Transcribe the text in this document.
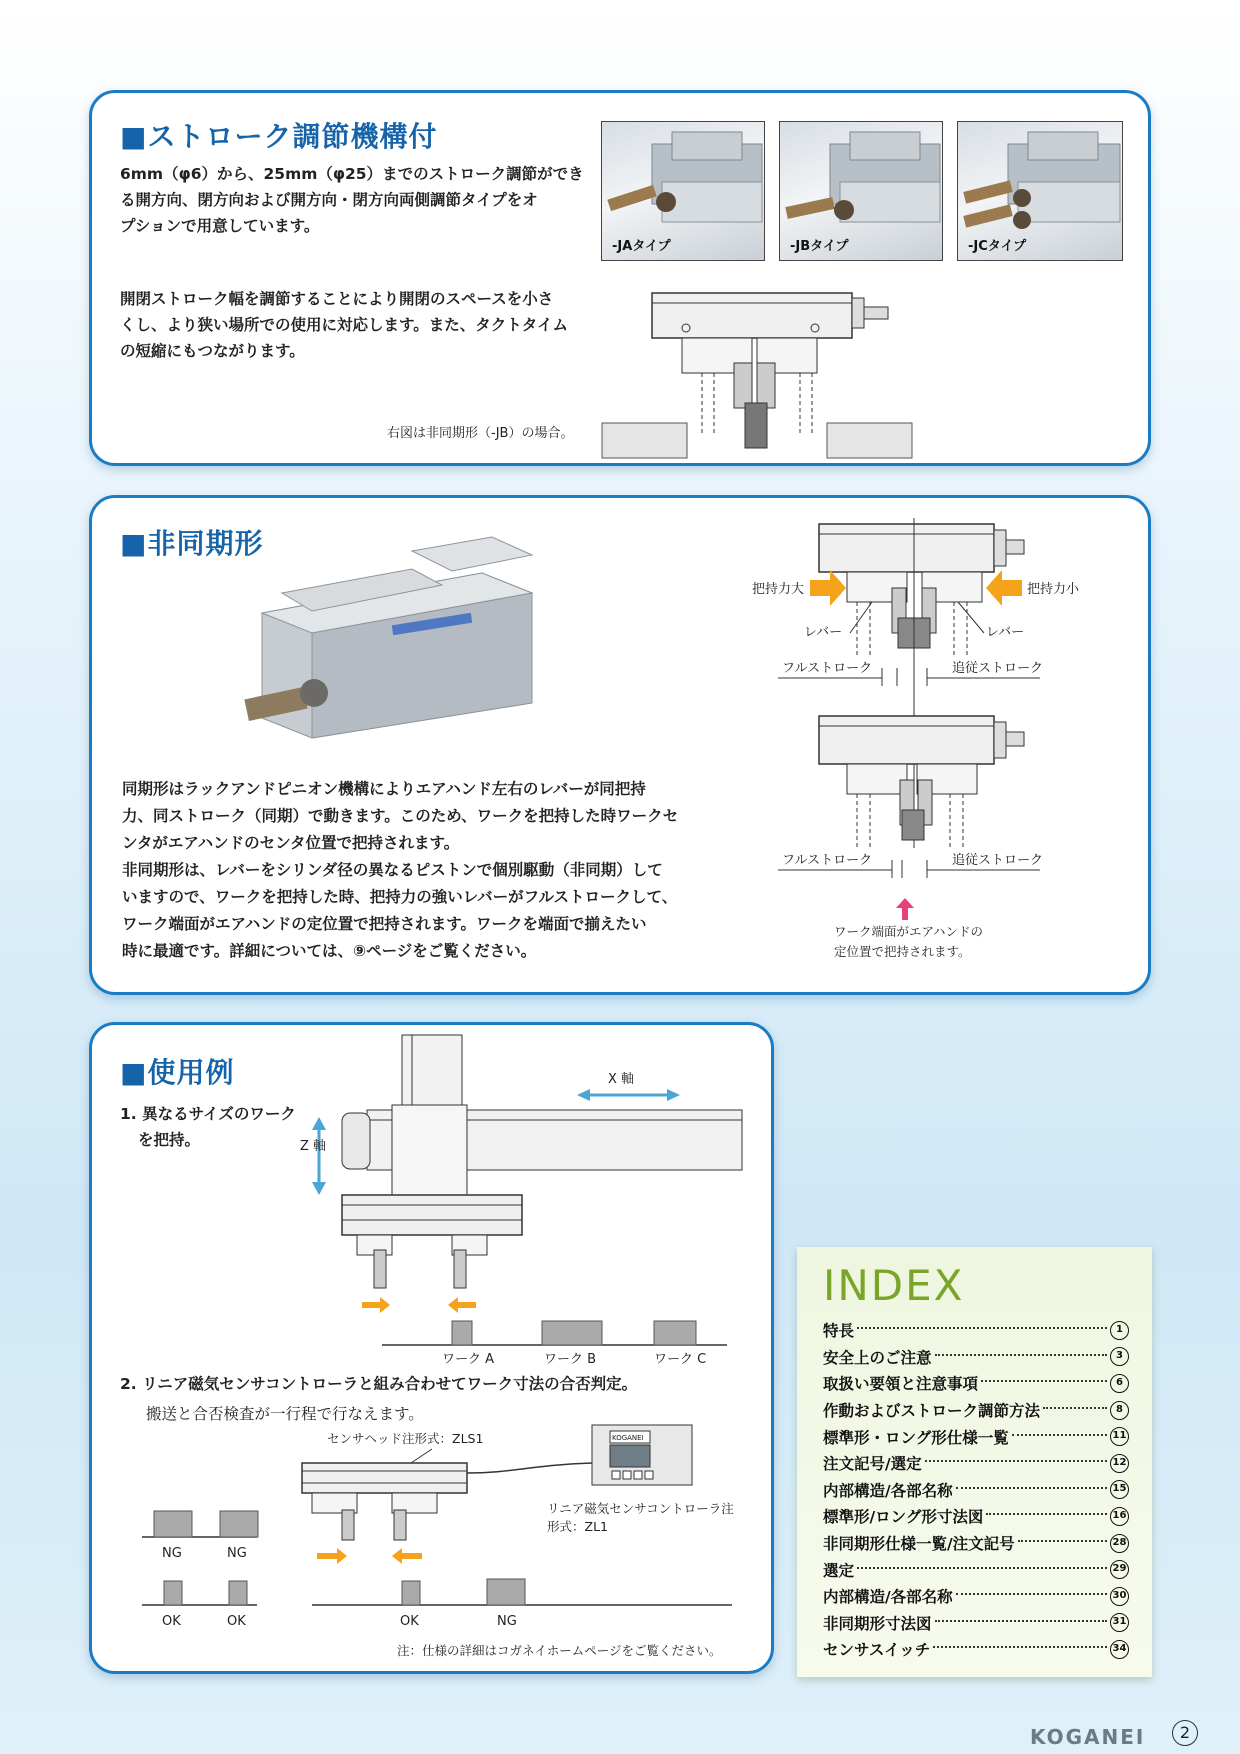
■ストローク調節機構付
6mm（φ6）から、25mm（φ25）までのストローク調節ができ
る開方向、閉方向および開方向・閉方向両側調節タイプをオ
プションで用意しています。
開閉ストローク幅を調節することにより開閉のスペースを小さ
くし、より狭い場所での使用に対応します。また、タクトタイム
の短縮にもつながります。
右図は非同期形（-JB）の場合。
-JAタイプ	-JBタイプ	-JCタイプ
■非同期形
同期形はラックアンドピニオン機構によりエアハンド左右のレバーが同把持
力、同ストローク（同期）で動きます。このため、ワークを把持した時ワークセ
ンタがエアハンドのセンタ位置で把持されます。
非同期形は、レバーをシリンダ径の異なるピストンで個別駆動（非同期）して
いますので、ワークを把持した時、把持力の強いレバーがフルストロークして、
ワーク端面がエアハンドの定位置で把持されます。ワークを端面で揃えたい
時に最適です。詳細については、⑨ページをご覧ください。
把持力大	把持力小
レバー	レバー
フルストローク	追従ストローク
フルストローク	追従ストローク
ワーク端面がエアハンドの
定位置で把持されます。
■使用例
1. 異なるサイズのワーク
を把持。	Z 軸
X 軸
ワーク A	ワーク B	ワーク C
2. リニア磁気センサコントローラと組み合わせてワーク寸法の合否判定。
搬送と合否検査が一行程で行なえます。
センサヘッド注形式：ZLS1	KOGANEI
リニア磁気センサコントローラ注
形式：ZL1
NG	NG
OK	OK	OK	NG
注：仕様の詳細はコガネイホームページをご覧ください。
INDEX
特長	1
安全上のご注意	3
取扱い要領と注意事項	6
作動およびストローク調節方法	8
標準形・ロング形仕様一覧	11
注文記号/選定	12
内部構造/各部名称	15
標準形/ロング形寸法図	16
非同期形仕様一覧/注文記号	28
選定	29
内部構造/各部名称	30
非同期形寸法図	31
センサスイッチ	34
KOGANEI	2
